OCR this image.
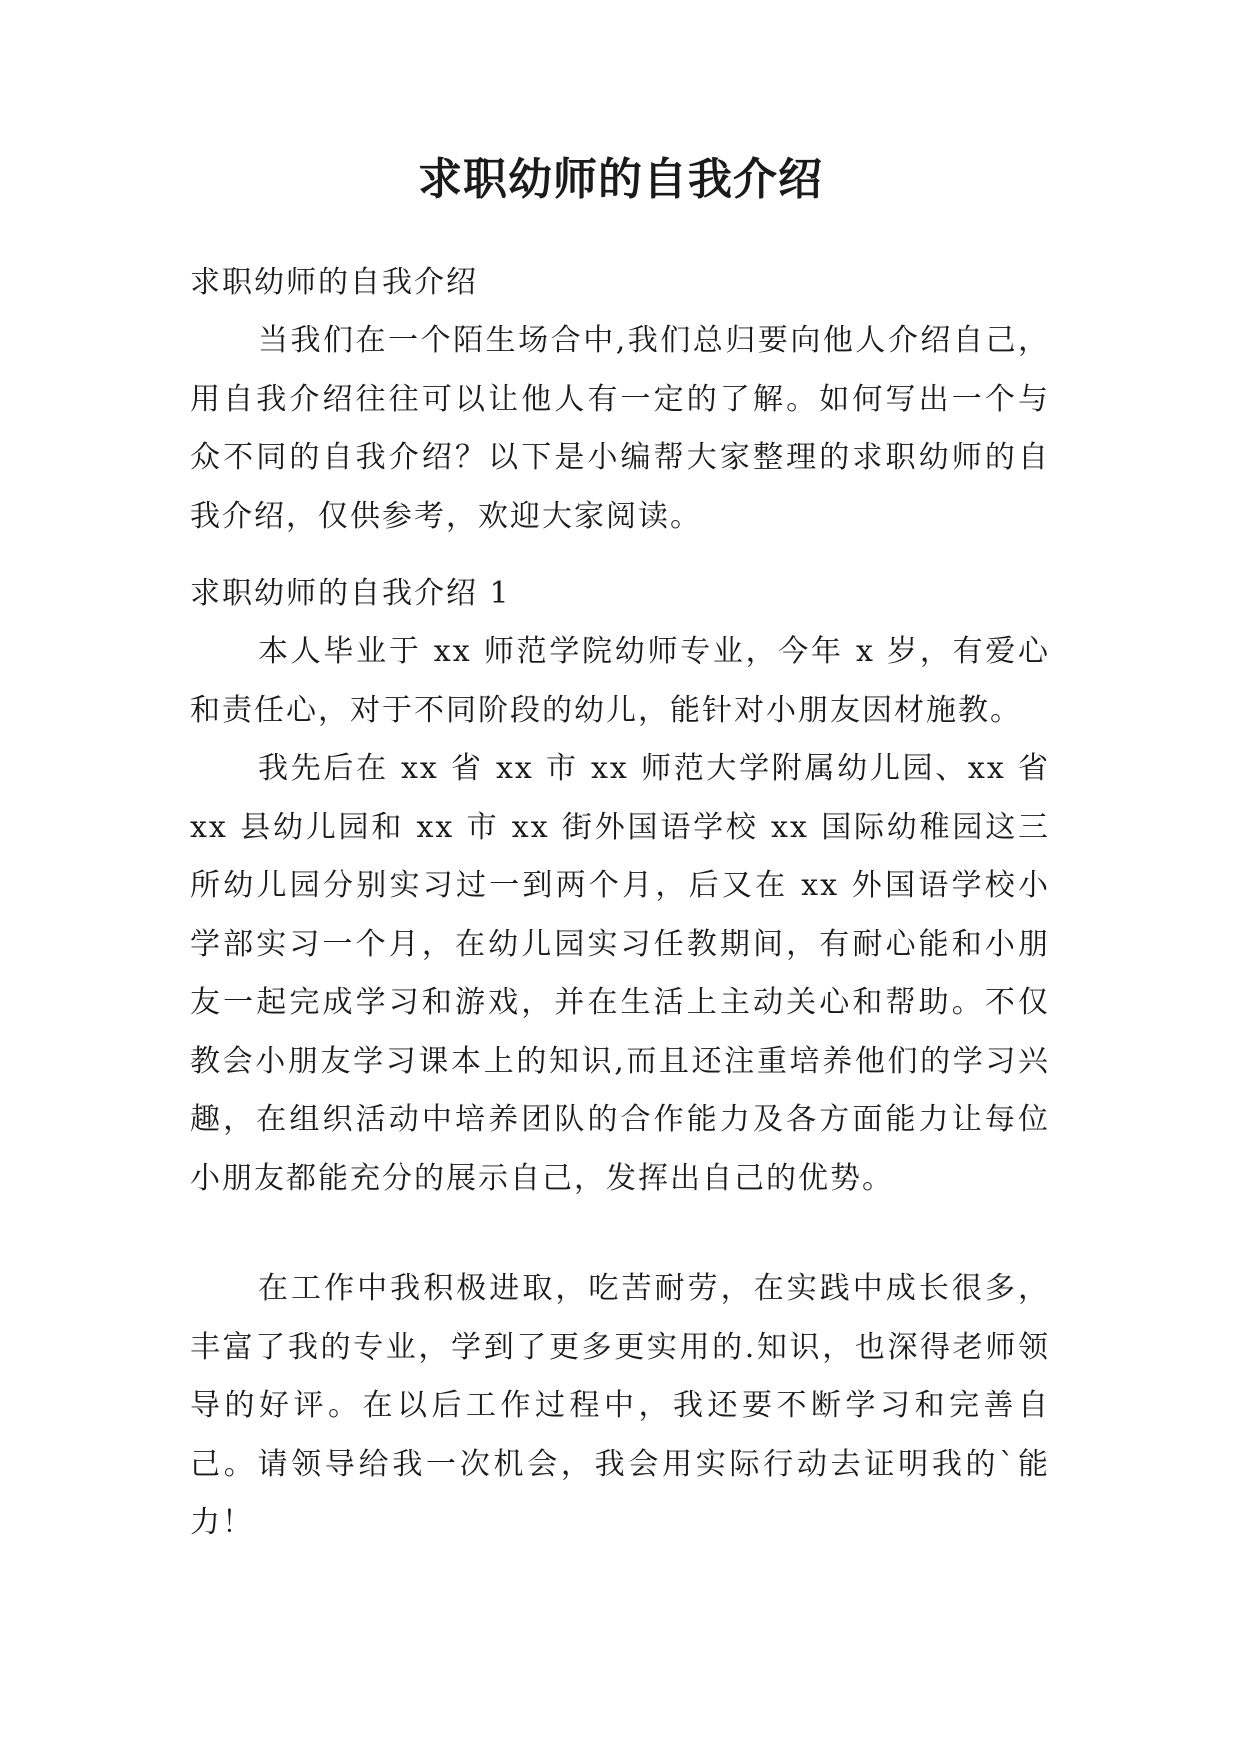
求职幼师的自我介绍

求职幼师的自我介绍

当我们在一个陌生场合中,我们总归要向他人介绍自己，用自我介绍往往可以让他人有一定的了解。如何写出一个与众不同的自我介绍？以下是小编帮大家整理的求职幼师的自我介绍，仅供参考，欢迎大家阅读。

求职幼师的自我介绍 1

本人毕业于 xx 师范学院幼师专业，今年 x 岁，有爱心和责任心，对于不同阶段的幼儿，能针对小朋友因材施教。

我先后在 xx 省 xx 市 xx 师范大学附属幼儿园、xx 省 xx 县幼儿园和 xx 市 xx 街外国语学校 xx 国际幼稚园这三所幼儿园分别实习过一到两个月，后又在 xx 外国语学校小学部实习一个月，在幼儿园实习任教期间，有耐心能和小朋友一起完成学习和游戏，并在生活上主动关心和帮助。不仅教会小朋友学习课本上的知识,而且还注重培养他们的学习兴趣，在组织活动中培养团队的合作能力及各方面能力让每位小朋友都能充分的展示自己，发挥出自己的优势。

在工作中我积极进取，吃苦耐劳，在实践中成长很多，丰富了我的专业，学到了更多更实用的.知识，也深得老师领导的好评。在以后工作过程中，我还要不断学习和完善自己。请领导给我一次机会，我会用实际行动去证明我的`能力！
